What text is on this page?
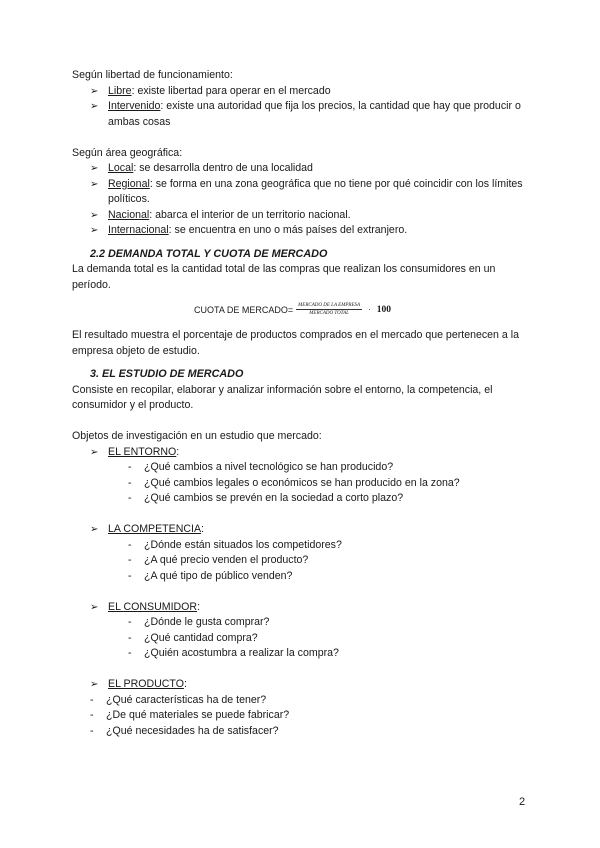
Según libertad de funcionamiento:

➢ Libre: existe libertad para operar en el mercado
➢ Intervenido: existe una autoridad que fija los precios, la cantidad que hay que producir o ambas cosas

Según área geográfica:

➢ Local: se desarrolla dentro de una localidad
➢ Regional: se forma en una zona geográfica que no tiene por qué coincidir con los límites políticos.
➢ Nacional: abarca el interior de un territorio nacional.
➢ Internacional: se encuentra en uno o más países del extranjero.
2.2 DEMANDA TOTAL Y CUOTA DE MERCADO

La demanda total es la cantidad total de las compras que realizan los consumidores en un período.

CUOTA DE MERCADO= $\frac{\text{MERCADO DE LA EMPRESA}}{\text{MERCADO TOTAL}} \cdot 100$

El resultado muestra el porcentaje de productos comprados en el mercado que pertenecen a la empresa objeto de estudio.

3. EL ESTUDIO DE MERCADO

Consiste en recopilar, elaborar y analizar información sobre el entorno, la competencia, el consumidor y el producto.

Objetos de investigación en un estudio que mercado:

➢ EL ENTORNO:
- ¿Qué cambios a nivel tecnológico se han producido?
- ¿Qué cambios legales o económicos se han producido en la zona?
- ¿Qué cambios se prevén en la sociedad a corto plazo?
➢ LA COMPETENCIA:
- ¿Dónde están situados los competidores?
- ¿A qué precio venden el producto?
- ¿A qué tipo de público venden?
➢ EL CONSUMIDOR:
- ¿Dónde le gusta comprar?
- ¿Qué cantidad compra?
- ¿Quién acostumbra a realizar la compra?
➢ EL PRODUCTO:
- ¿Qué características ha de tener?
- ¿De qué materiales se puede fabricar?
- ¿Qué necesidades ha de satisfacer?
2
